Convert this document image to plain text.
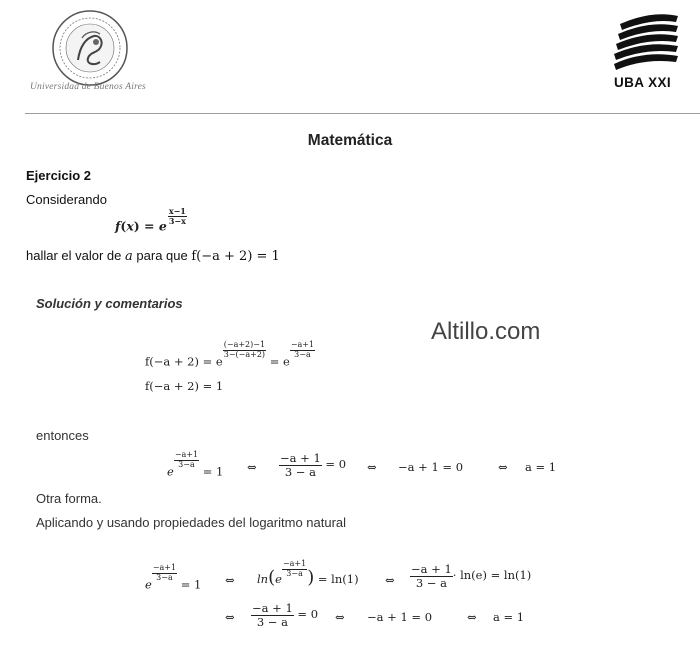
Universidad de Buenos Aires	UBA XXI
Matemática
Ejercicio 2
Considerando
f(x) = e
$\frac{x-1}{3-x}$
hallar el valor de a para que f(−a + 2) = 1
Solución y comentarios
Altillo.com
f(−a + 2) = e
$\frac{(-a+2)-1}{3-(-a+2)}$
= e
$\frac{-a+1}{3-a}$
f(−a + 2) = 1
entonces
e
$\frac{-a+1}{3-a}$
= 1 ⇔ $\frac{-a + 1}{3 - a} = 0$ ⇔ −a + 1 = 0	⇔ a = 1
Otra forma.
Aplicando y usando propiedades del logaritmo natural
e
$\frac{-a+1}{3-a}$
= 1 ⇔ $\ln(e \frac{-a+1}{3-a}$ ) = ln(1) ⇔ $\frac{-a + 1}{3 - a} \cdot \ln(e) = \ln(1)$
⇔ $\frac{-a + 1}{3 - a} = 0$ ⇔ −a + 1 = 0	⇔ a = 1
